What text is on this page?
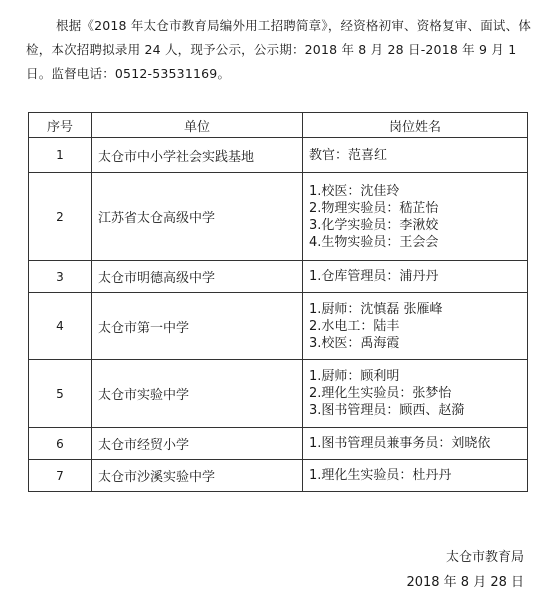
根据《2018 年太仓市教育局编外用工招聘简章》，经资格初审、资格复审、面试、体检，本次招聘拟录用 24 人，现予公示，公示期：2018 年 8 月 28 日-2018 年 9 月 1 日。监督电话：0512-53531169。
序号	单位	岗位姓名
1	太仓市中小学社会实践基地	教官：范喜红

2	江苏省太仓高级中学	1.校医：沈佳玲
2.物理实验员：嵇芷怡
3.化学实验员：李湫姣
4.生物实验员：王会会

3	太仓市明德高级中学	1.仓库管理员：浦丹丹

4	太仓市第一中学	1.厨师：沈慎磊 张雁峰
2.水电工：陆丰
3.校医：禹海霞

5	太仓市实验中学	1.厨师：顾利明
2.理化生实验员：张梦怡
3.图书管理员：顾西、赵漪

6	太仓市经贸小学	1.图书管理员兼事务员：刘晓依

7	太仓市沙溪实验中学	1.理化生实验员：杜丹丹
太仓市教育局
2018 年 8 月 28 日
